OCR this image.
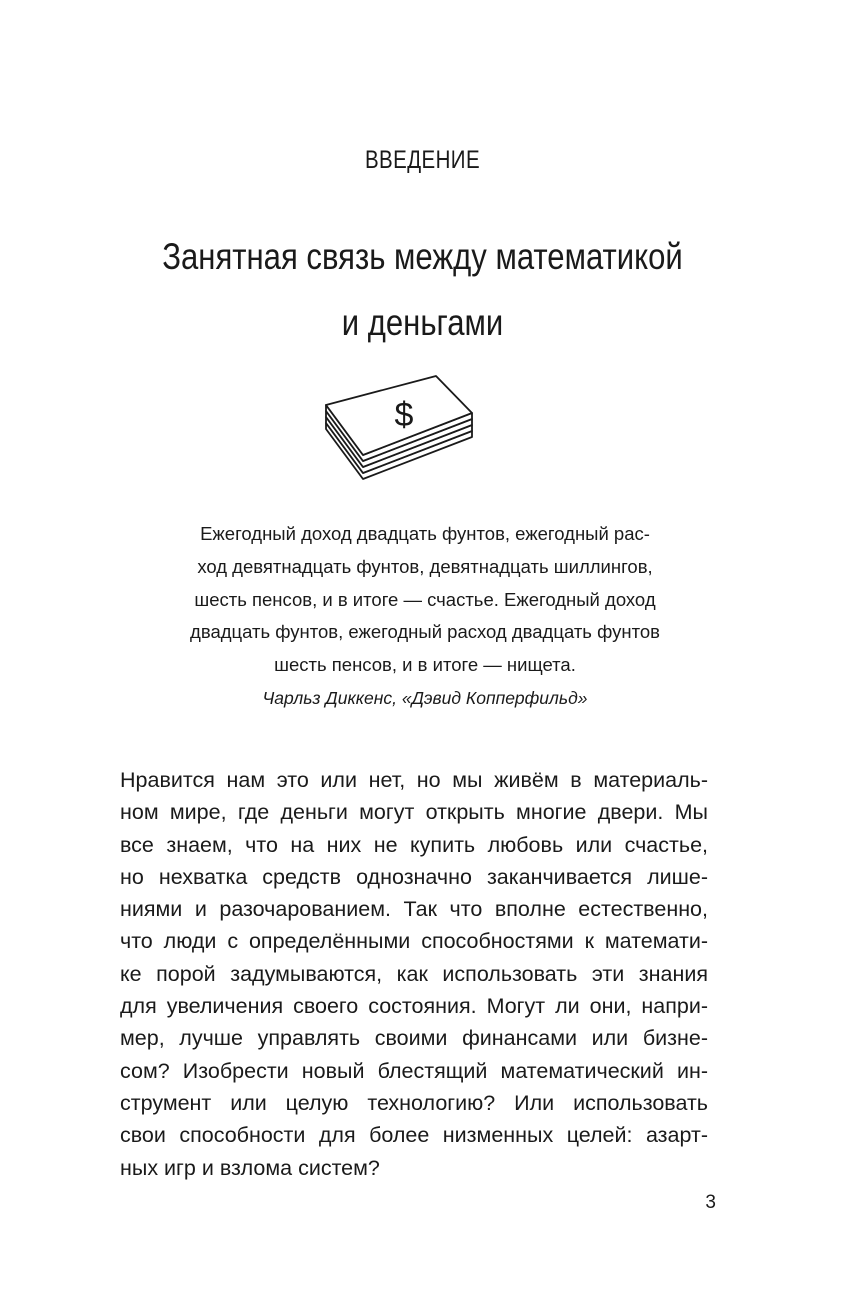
ВВЕДЕНИЕ
Занятная связь между математикой
и деньгами
$

Ежегодный доход двадцать фунтов, ежегодный рас-

ход девятнадцать фунтов, девятнадцать шиллингов,

шесть пенсов, и в итоге — счастье. Ежегодный доход

двадцать фунтов, ежегодный расход двадцать фунтов

шесть пенсов, и в итоге — нищета.

Чарльз Диккенс, «Дэвид Копперфильд»

Нравится нам это или нет, но мы живём в материаль-
ном мире, где деньги могут открыть многие двери. Мы
все знаем, что на них не купить любовь или счастье,
но нехватка средств однозначно заканчивается лише-
ниями и разочарованием. Так что вполне естественно,
что люди с определёнными способностями к математи-
ке порой задумываются, как использовать эти знания
для увеличения своего состояния. Могут ли они, напри-
мер, лучше управлять своими финансами или бизне-
сом? Изобрести новый блестящий математический ин-
струмент или целую технологию? Или использовать
свои способности для более низменных целей: азарт-
ных игр и взлома систем?
3
